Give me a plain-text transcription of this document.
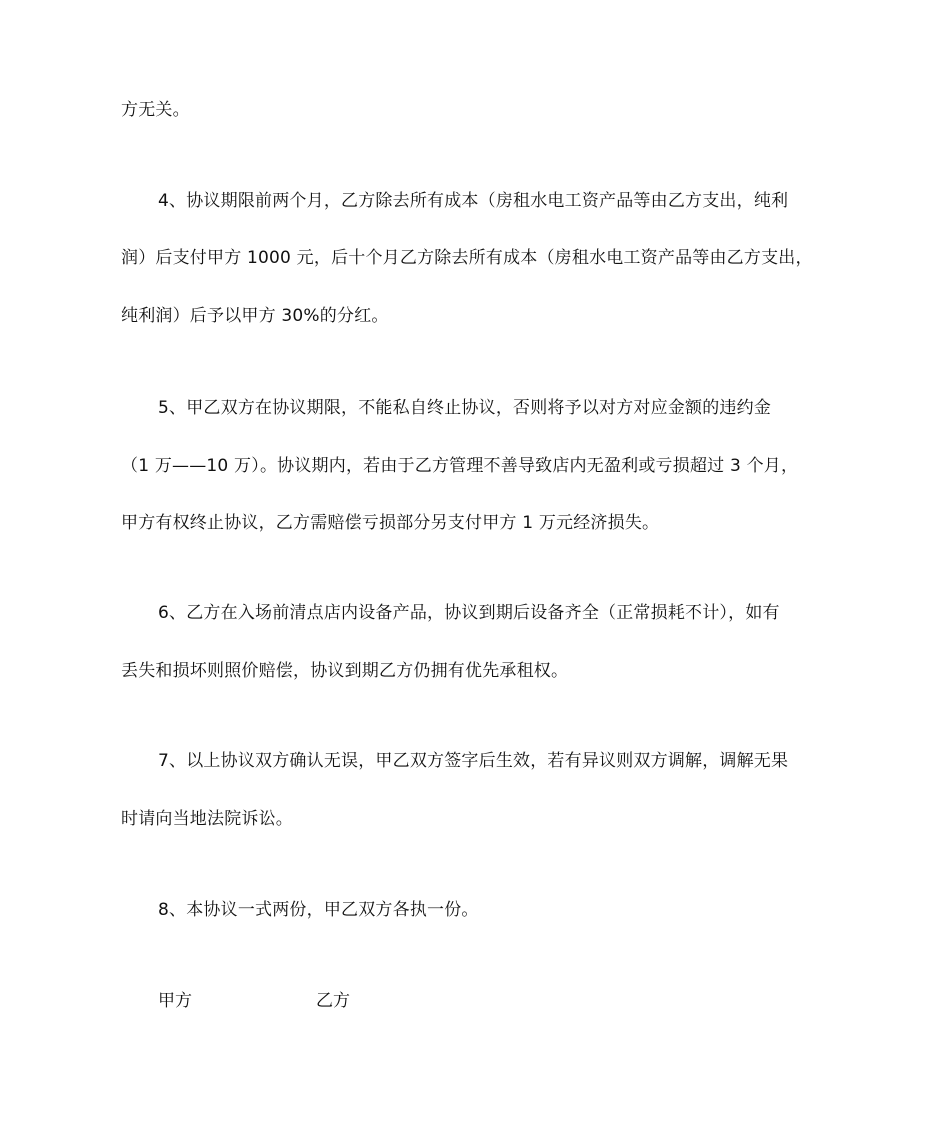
方无关。
4、协议期限前两个月，乙方除去所有成本（房租水电工资产品等由乙方支出，纯利
润）后支付甲方 1000 元，后十个月乙方除去所有成本（房租水电工资产品等由乙方支出，
纯利润）后予以甲方 30%的分红。
5、甲乙双方在协议期限，不能私自终止协议，否则将予以对方对应金额的违约金
（1 万——10 万）。协议期内，若由于乙方管理不善导致店内无盈利或亏损超过 3 个月，
甲方有权终止协议，乙方需赔偿亏损部分另支付甲方 1 万元经济损失。
6、乙方在入场前清点店内设备产品，协议到期后设备齐全（正常损耗不计），如有
丢失和损坏则照价赔偿，协议到期乙方仍拥有优先承租权。
7、以上协议双方确认无误，甲乙双方签字后生效，若有异议则双方调解，调解无果
时请向当地法院诉讼。
8、本协议一式两份，甲乙双方各执一份。
甲方	乙方
